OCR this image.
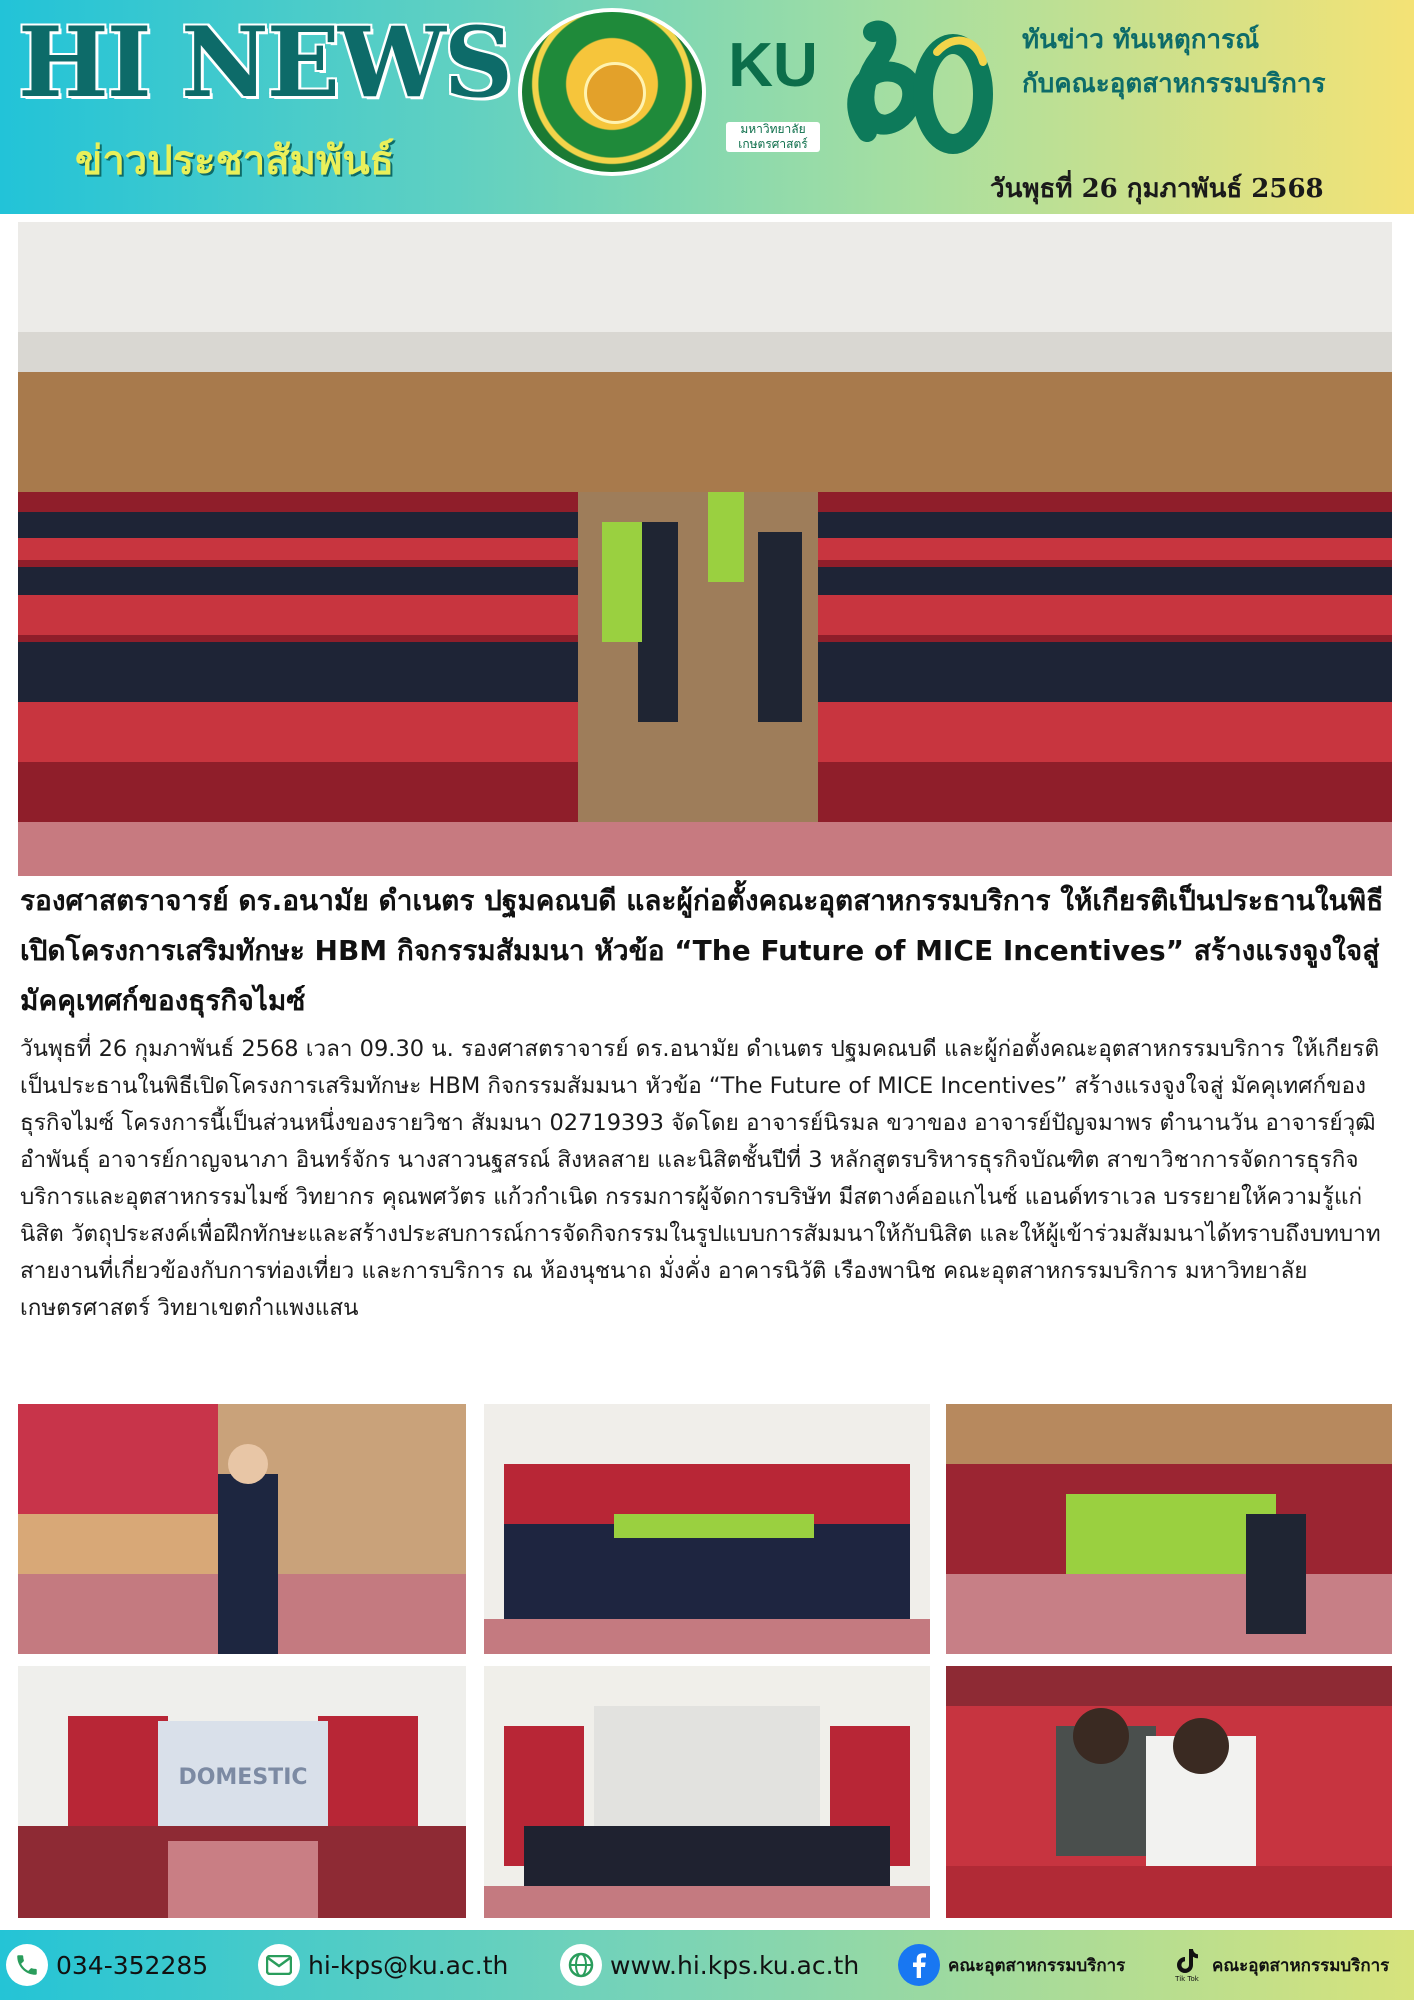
HI NEWS

ข่าวประชาสัมพันธ์

KU
มหาวิทยาลัย
เกษตรศาสตร์

ทันข่าว ทันเหตุการณ์
กับคณะอุตสาหกรรมบริการ

วันพุธที่ 26 กุมภาพันธ์ 2568

รองศาสตราจารย์ ดร.อนามัย ดำเนตร ปฐมคณบดี และผู้ก่อตั้งคณะอุตสาหกรรมบริการ ให้เกียรติเป็นประธานในพิธีเปิดโครงการเสริมทักษะ HBM กิจกรรมสัมมนา หัวข้อ “The Future of MICE Incentives” สร้างแรงจูงใจสู่ มัคคุเทศก์ของธุรกิจไมซ์

วันพุธที่ 26 กุมภาพันธ์ 2568 เวลา 09.30 น. รองศาสตราจารย์ ดร.อนามัย ดำเนตร ปฐมคณบดี และผู้ก่อตั้งคณะอุตสาหกรรมบริการ ให้เกียรติเป็นประธานในพิธีเปิดโครงการเสริมทักษะ HBM กิจกรรมสัมมนา หัวข้อ “The Future of MICE Incentives” สร้างแรงจูงใจสู่ มัคคุเทศก์ของธุรกิจไมซ์ โครงการนี้เป็นส่วนหนึ่งของรายวิชา สัมมนา 02719393 จัดโดย อาจารย์นิรมล ขวาของ อาจารย์ปัญจมาพร ตำนานวัน อาจารย์วุฒิ อำพันธุ์ อาจารย์กาญจนาภา อินทร์จักร นางสาวนฐสรณ์ สิงหลสาย และนิสิตชั้นปีที่ 3 หลักสูตรบริหารธุรกิจบัณฑิต สาขาวิชาการจัดการธุรกิจบริการและอุตสาหกรรมไมซ์ วิทยากร คุณพศวัตร แก้วกำเนิด กรรมการผู้จัดการบริษัท มีสตางค์ออแกไนซ์ แอนด์ทราเวล บรรยายให้ความรู้แก่นิสิต วัตถุประสงค์เพื่อฝึกทักษะและสร้างประสบการณ์การจัดกิจกรรมในรูปแบบการสัมมนาให้กับนิสิต และให้ผู้เข้าร่วมสัมมนาได้ทราบถึงบทบาทสายงานที่เกี่ยวข้องกับการท่องเที่ยว และการบริการ ณ ห้องนุชนาถ มั่งคั่ง อาคารนิวัติ เรืองพานิช คณะอุตสาหกรรมบริการ มหาวิทยาลัยเกษตรศาสตร์ วิทยาเขตกำแพงแสน

DOMESTIC
034-352285	hi-kps@ku.ac.th	www.hi.kps.ku.ac.th	คณะอุตสาหกรรมบริการ
Tik Tok
คณะอุตสาหกรรมบริการ
